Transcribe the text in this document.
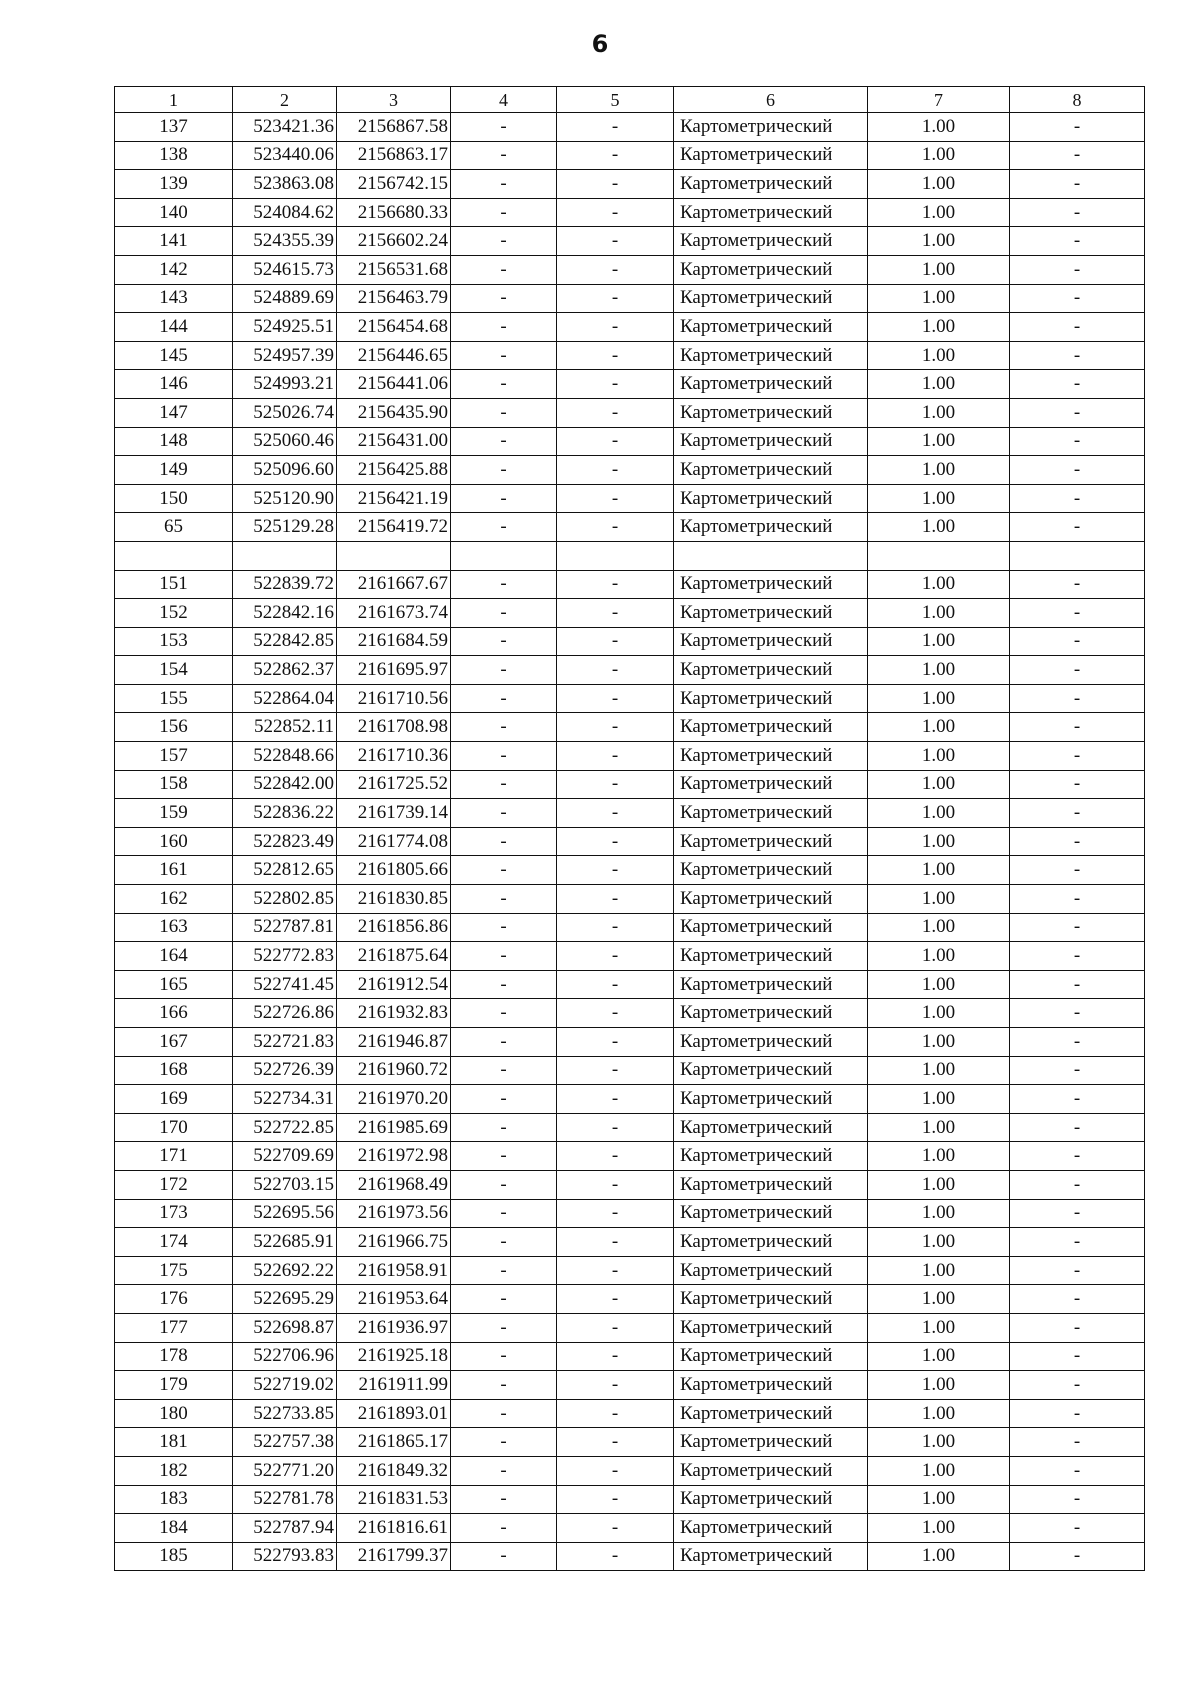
6
1	2	3	4	5	6	7	8
137	523421.36	2156867.58	-	-	Картометрический	1.00	-
138	523440.06	2156863.17	-	-	Картометрический	1.00	-
139	523863.08	2156742.15	-	-	Картометрический	1.00	-
140	524084.62	2156680.33	-	-	Картометрический	1.00	-
141	524355.39	2156602.24	-	-	Картометрический	1.00	-
142	524615.73	2156531.68	-	-	Картометрический	1.00	-
143	524889.69	2156463.79	-	-	Картометрический	1.00	-
144	524925.51	2156454.68	-	-	Картометрический	1.00	-
145	524957.39	2156446.65	-	-	Картометрический	1.00	-
146	524993.21	2156441.06	-	-	Картометрический	1.00	-
147	525026.74	2156435.90	-	-	Картометрический	1.00	-
148	525060.46	2156431.00	-	-	Картометрический	1.00	-
149	525096.60	2156425.88	-	-	Картометрический	1.00	-
150	525120.90	2156421.19	-	-	Картометрический	1.00	-
65	525129.28	2156419.72	-	-	Картометрический	1.00	-

151	522839.72	2161667.67	-	-	Картометрический	1.00	-
152	522842.16	2161673.74	-	-	Картометрический	1.00	-
153	522842.85	2161684.59	-	-	Картометрический	1.00	-
154	522862.37	2161695.97	-	-	Картометрический	1.00	-
155	522864.04	2161710.56	-	-	Картометрический	1.00	-
156	522852.11	2161708.98	-	-	Картометрический	1.00	-
157	522848.66	2161710.36	-	-	Картометрический	1.00	-
158	522842.00	2161725.52	-	-	Картометрический	1.00	-
159	522836.22	2161739.14	-	-	Картометрический	1.00	-
160	522823.49	2161774.08	-	-	Картометрический	1.00	-
161	522812.65	2161805.66	-	-	Картометрический	1.00	-
162	522802.85	2161830.85	-	-	Картометрический	1.00	-
163	522787.81	2161856.86	-	-	Картометрический	1.00	-
164	522772.83	2161875.64	-	-	Картометрический	1.00	-
165	522741.45	2161912.54	-	-	Картометрический	1.00	-
166	522726.86	2161932.83	-	-	Картометрический	1.00	-
167	522721.83	2161946.87	-	-	Картометрический	1.00	-
168	522726.39	2161960.72	-	-	Картометрический	1.00	-
169	522734.31	2161970.20	-	-	Картометрический	1.00	-
170	522722.85	2161985.69	-	-	Картометрический	1.00	-
171	522709.69	2161972.98	-	-	Картометрический	1.00	-
172	522703.15	2161968.49	-	-	Картометрический	1.00	-
173	522695.56	2161973.56	-	-	Картометрический	1.00	-
174	522685.91	2161966.75	-	-	Картометрический	1.00	-
175	522692.22	2161958.91	-	-	Картометрический	1.00	-
176	522695.29	2161953.64	-	-	Картометрический	1.00	-
177	522698.87	2161936.97	-	-	Картометрический	1.00	-
178	522706.96	2161925.18	-	-	Картометрический	1.00	-
179	522719.02	2161911.99	-	-	Картометрический	1.00	-
180	522733.85	2161893.01	-	-	Картометрический	1.00	-
181	522757.38	2161865.17	-	-	Картометрический	1.00	-
182	522771.20	2161849.32	-	-	Картометрический	1.00	-
183	522781.78	2161831.53	-	-	Картометрический	1.00	-
184	522787.94	2161816.61	-	-	Картометрический	1.00	-
185	522793.83	2161799.37	-	-	Картометрический	1.00	-
